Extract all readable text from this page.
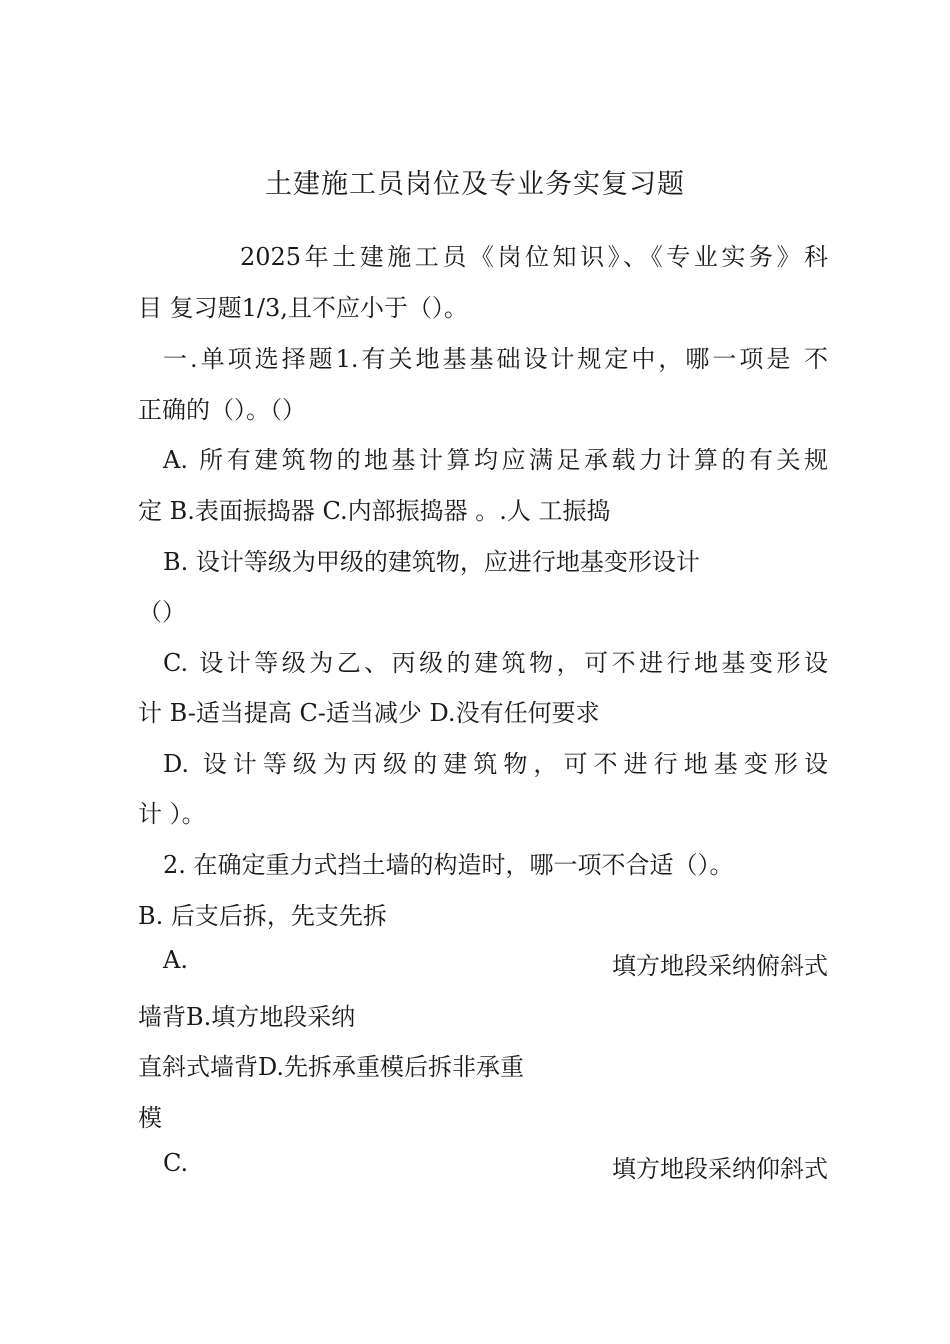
土建施工员岗位及专业务实复习题
2025年土建施工员《岗位知识》、《专业实务》科
目 复习题1/3,且不应小于（）。
一.单项选择题1.有关地基基础设计规定中，哪一项是 不
正确的（）。（）
A. 所有建筑物的地基计算均应满足承载力计算的有关规
定 B.表面振捣器 C.内部振捣器 。.人 工振捣
B. 设计等级为甲级的建筑物，应进行地基变形设计
（）
C. 设计等级为乙、丙级的建筑物，可不进行地基变形设
计 B-适当提高 C-适当减少 D.没有任何要求
D. 设计等级为丙级的建筑物，可不进行地基变形设
计 ）。
2. 在确定重力式挡土墙的构造时，哪一项不合适（）。
B. 后支后拆，先支先拆
A.	填方地段采纳俯斜式
墙背B.填方地段采纳
直斜式墙背D.先拆承重模后拆非承重
模
C.	填方地段采纳仰斜式
